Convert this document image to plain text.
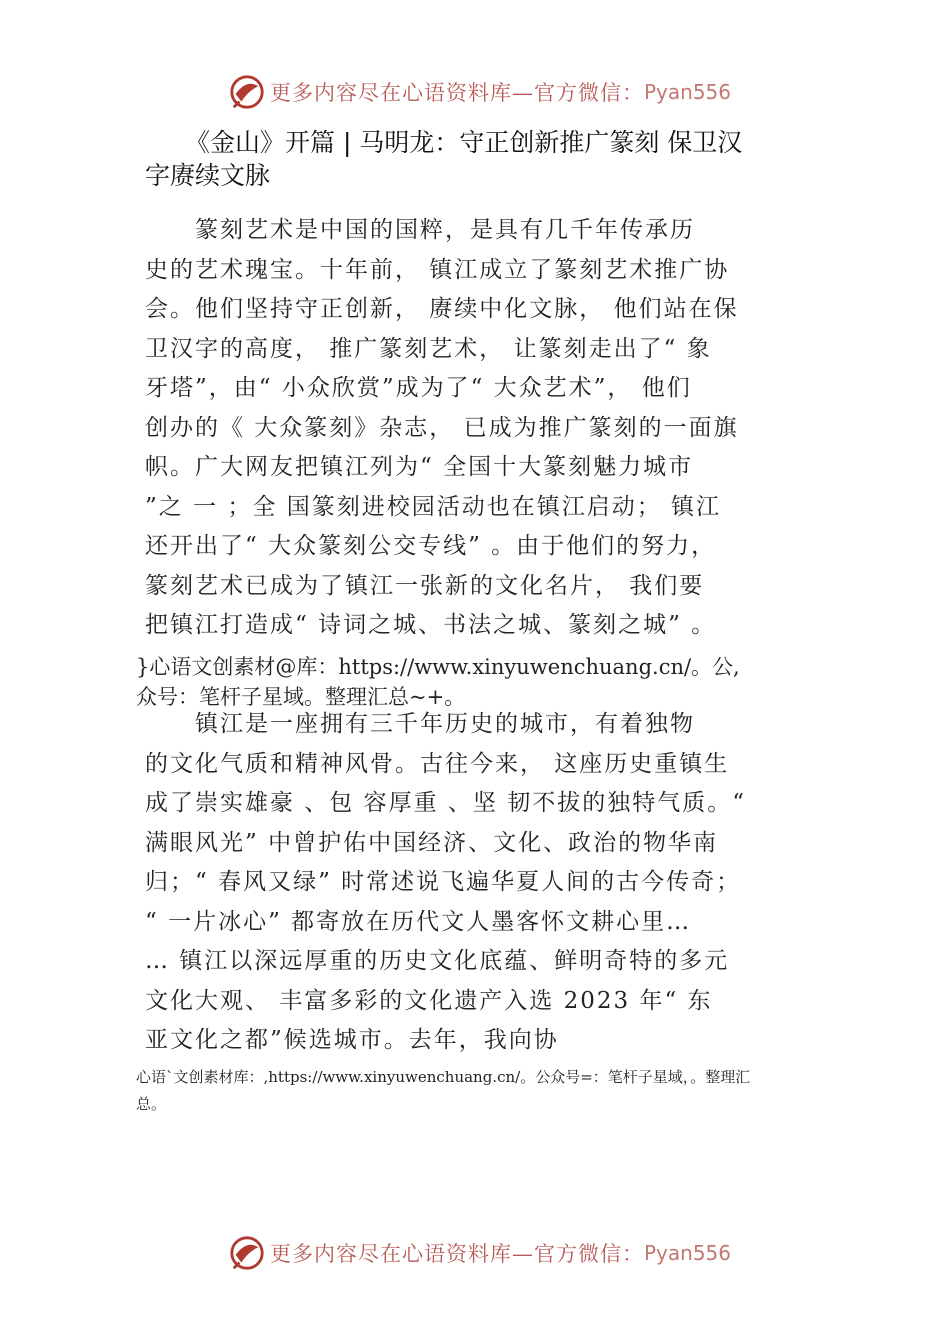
更多内容尽在心语资料库—官方微信： Pyan556
《金山》开篇 | 马明龙：守正创新推广篆刻 保卫汉
字赓续文脉
　　篆刻艺术是中国的国粹，是具有几千年传承历
史的艺术瑰宝。十年前， 镇江成立了篆刻艺术推广协
会。他们坚持守正创新， 赓续中化文脉， 他们站在保
卫汉字的高度， 推广篆刻艺术， 让篆刻走出了“ 象
牙塔”，由“ 小众欣赏”成为了“ 大众艺术”， 他们
创办的《 大众篆刻》杂志， 已成为推广篆刻的一面旗
帜。广大网友把镇江列为“ 全国十大篆刻魅力城市
”之 一 ；全 国篆刻进校园活动也在镇江启动； 镇江
还开出了“ 大众篆刻公交专线” 。由于他们的努力，
篆刻艺术已成为了镇江一张新的文化名片， 我们要
把镇江打造成“ 诗词之城、书法之城、篆刻之城” 。
}心语文创素材@库：https://www.xinyuwenchuang.cn/。公,
众号：笔杆子星域。整理汇总~+。
　　镇江是一座拥有三千年历史的城市，有着独物
的文化气质和精神风骨。古往今来， 这座历史重镇生
成了崇实雄豪 、包 容厚重 、坚 韧不拔的独特气质。“
满眼风光” 中曾护佑中国经济、文化、政治的物华南
归；“ 春风又绿” 时常述说飞遍华夏人间的古今传奇；
“ 一片冰心” 都寄放在历代文人墨客怀文耕心里…
… 镇江以深远厚重的历史文化底蕴、鲜明奇特的多元
文化大观、 丰富多彩的文化遗产入选 2023 年“ 东
亚文化之都”候选城市。去年，我向协
心语`文创素材库：,https://www.xinyuwenchuang.cn/。公众号=：笔杆子星域，。整理汇
总。
更多内容尽在心语资料库—官方微信： Pyan556
